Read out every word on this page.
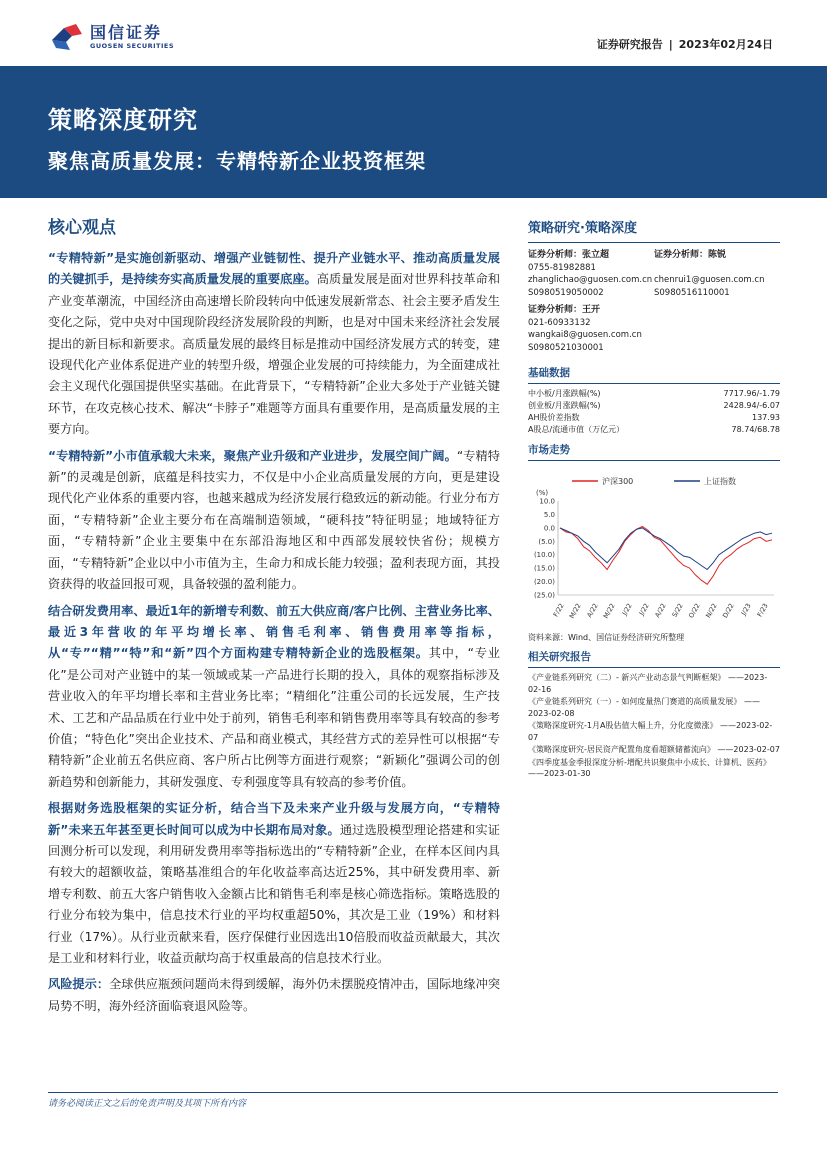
国信证券
GUOSEN SECURITIES	证券研究报告 | 2023年02月24日
策略深度研究
聚焦高质量发展：专精特新企业投资框架
核心观点

“专精特新”是实施创新驱动、增强产业链韧性、提升产业链水平、推动高质量发展的关键抓手，是持续夯实高质量发展的重要底座。高质量发展是面对世界科技革命和产业变革潮流，中国经济由高速增长阶段转向中低速发展新常态、社会主要矛盾发生变化之际，党中央对中国现阶段经济发展阶段的判断，也是对中国未来经济社会发展提出的新目标和新要求。高质量发展的最终目标是推动中国经济发展方式的转变，建设现代化产业体系促进产业的转型升级，增强企业发展的可持续能力，为全面建成社会主义现代化强国提供坚实基础。在此背景下，“专精特新”企业大多处于产业链关键环节，在攻克核心技术、解决“卡脖子”难题等方面具有重要作用，是高质量发展的主要方向。

“专精特新”小市值承载大未来，聚焦产业升级和产业进步，发展空间广阔。“专精特新”的灵魂是创新，底蕴是科技实力，不仅是中小企业高质量发展的方向，更是建设现代化产业体系的重要内容，也越来越成为经济发展行稳致远的新动能。行业分布方面，“专精特新”企业主要分布在高端制造领域，“硬科技”特征明显；地域特征方面，“专精特新”企业主要集中在东部沿海地区和中西部发展较快省份；规模方面，“专精特新”企业以中小市值为主，生命力和成长能力较强；盈利表现方面，其投资获得的收益回报可观，具备较强的盈利能力。

结合研发费用率、最近1年的新增专利数、前五大供应商/客户比例、主营业务比率、最近3年营收的年平均增长率、销售毛利率、销售费用率等指标，从“专”“精”“特”和“新”四个方面构建专精特新企业的选股框架。其中，“专业化”是公司对产业链中的某一领域或某一产品进行长期的投入，具体的观察指标涉及营业收入的年平均增长率和主营业务比率；“精细化”注重公司的长远发展，生产技术、工艺和产品品质在行业中处于前列，销售毛利率和销售费用率等具有较高的参考价值；“特色化”突出企业技术、产品和商业模式，其经营方式的差异性可以根据“专精特新”企业前五名供应商、客户所占比例等方面进行观察；“新颖化”强调公司的创新趋势和创新能力，其研发强度、专利强度等具有较高的参考价值。

根据财务选股框架的实证分析，结合当下及未来产业升级与发展方向，“专精特新”未来五年甚至更长时间可以成为中长期布局对象。通过选股模型理论搭建和实证回测分析可以发现，利用研发费用率等指标选出的“专精特新”企业，在样本区间内具有较大的超额收益，策略基准组合的年化收益率高达近25%，其中研发费用率、新增专利数、前五大客户销售收入金额占比和销售毛利率是核心筛选指标。策略选股的行业分布较为集中，信息技术行业的平均权重超50%，其次是工业（19%）和材料行业（17%）。从行业贡献来看，医疗保健行业因选出10倍股而收益贡献最大，其次是工业和材料行业，收益贡献均高于权重最高的信息技术行业。

风险提示：全球供应瓶颈问题尚未得到缓解，海外仍未摆脱疫情冲击，国际地缘冲突局势不明，海外经济面临衰退风险等。

策略研究·策略深度
证券分析师：张立超
0755-81982881
zhanglichao@guosen.com.cn
S0980519050002
证券分析师：陈锐

chenrui1@guosen.com.cn
S0980516110001
证券分析师：王开
021-60933132
wangkai8@guosen.com.cn
S0980521030001
基础数据
中小板/月涨跌幅(%)	7717.96/-1.79
创业板/月涨跌幅(%)	2428.94/-6.07
AH股价差指数	137.93
A股总/流通市值（万亿元）	78.74/68.78
市场走势
沪深300	上证指数
(%)
10.0
5.0
0.0
(5.0)
(10.0)
(15.0)
(20.0)
(25.0)
F/22 M/22 A/22 M/22 J/22 J/22 A/22 S/22 O/22 N/22 D/22 J/23 F/23
资料来源：Wind、国信证券经济研究所整理
相关研究报告
《产业链系列研究（二）- 新兴产业动态景气判断框架》 ——2023-02-16
《产业链系列研究（一）- 如何度量热门赛道的高质量发展》 ——2023-02-08
《策略深度研究-1月A股估值大幅上升，分化度微涨》 ——2023-02-07
《策略深度研究-居民资产配置角度看超额储蓄流向》 ——2023-02-07
《四季度基金季报深度分析-增配共识聚焦中小成长、计算机、医药》 ——2023-01-30
请务必阅读正文之后的免责声明及其项下所有内容
